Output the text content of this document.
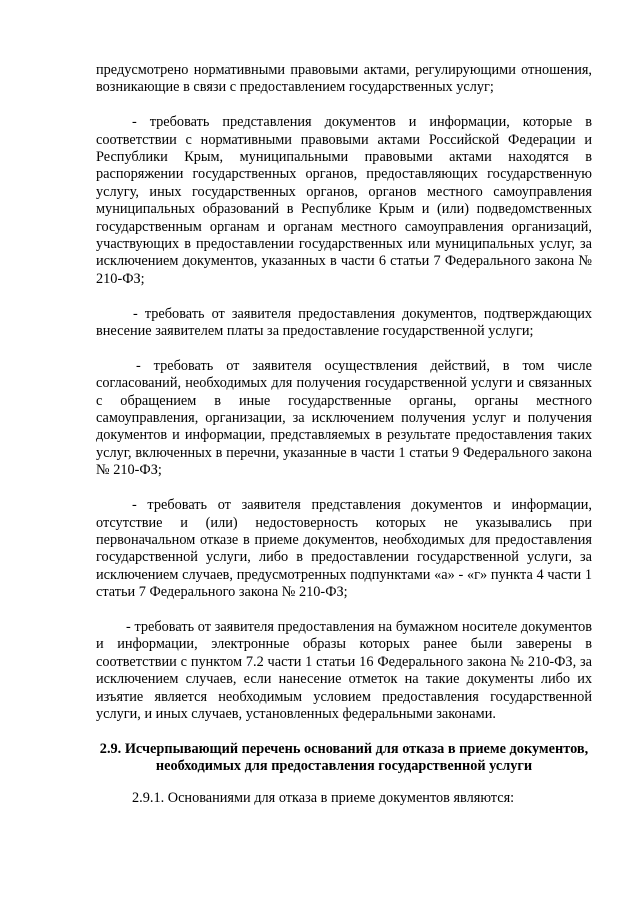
предусмотрено нормативными правовыми актами, регулирующими отношения, возникающие в связи с предоставлением государственных услуг;

- требовать представления документов и информации, которые в соответствии с нормативными правовыми актами Российской Федерации и Республики Крым, муниципальными правовыми актами находятся в распоряжении государственных органов, предоставляющих государственную услугу, иных государственных органов, органов местного самоуправления муниципальных образований в Республике Крым и (или) подведомственных государственным органам и органам местного самоуправления организаций, участвующих в предоставлении государственных или муниципальных услуг, за исключением документов, указанных в части 6 статьи 7 Федерального закона № 210-ФЗ;

- требовать от заявителя предоставления документов, подтверждающих внесение заявителем платы за предоставление государственной услуги;

- требовать от заявителя осуществления действий, в том числе согласований, необходимых для получения государственной услуги и связанных с обращением в иные государственные органы, органы местного самоуправления, организации, за исключением получения услуг и получения документов и информации, представляемых в результате предоставления таких услуг, включенных в перечни, указанные в части 1 статьи 9 Федерального закона № 210-ФЗ;

- требовать от заявителя представления документов и информации, отсутствие и (или) недостоверность которых не указывались при первоначальном отказе в приеме документов, необходимых для предоставления государственной услуги, либо в предоставлении государственной услуги, за исключением случаев, предусмотренных подпунктами «а» - «г» пункта 4 части 1 статьи 7 Федерального закона № 210-ФЗ;

- требовать от заявителя предоставления на бумажном носителе документов и информации, электронные образы которых ранее были заверены в соответствии с пунктом 7.2 части 1 статьи 16 Федерального закона № 210-ФЗ, за исключением случаев, если нанесение отметок на такие документы либо их изъятие является необходимым условием предоставления государственной услуги, и иных случаев, установленных федеральными законами.

2.9. Исчерпывающий перечень оснований для отказа в приеме документов, необходимых для предоставления государственной услуги

2.9.1. Основаниями для отказа в приеме документов являются:
